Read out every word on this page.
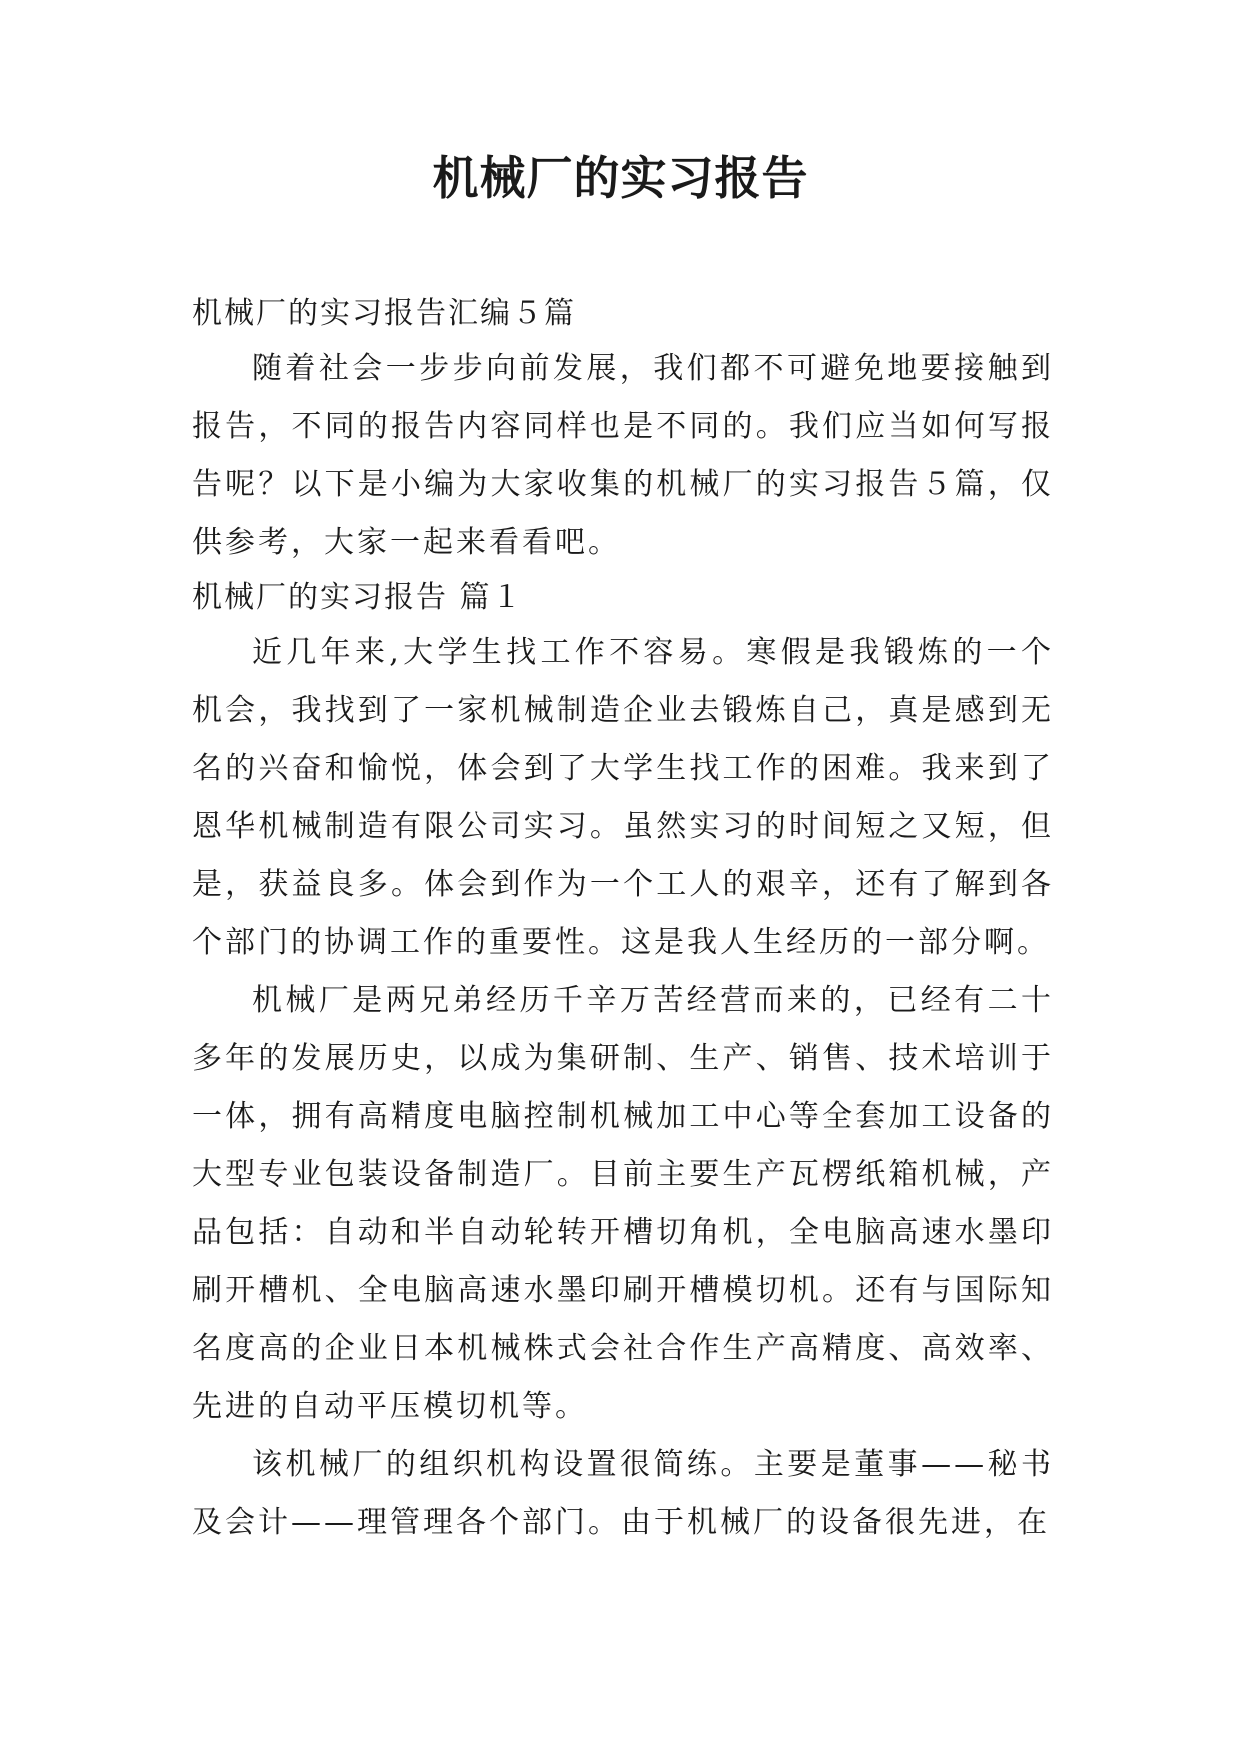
机械厂的实习报告

机械厂的实习报告汇编５篇

随着社会一步步向前发展，我们都不可避免地要接触到报告，不同的报告内容同样也是不同的。我们应当如何写报告呢？以下是小编为大家收集的机械厂的实习报告５篇，仅供参考，大家一起来看看吧。

机械厂的实习报告 篇１

近几年来,大学生找工作不容易。寒假是我锻炼的一个机会，我找到了一家机械制造企业去锻炼自己，真是感到无名的兴奋和愉悦，体会到了大学生找工作的困难。我来到了恩华机械制造有限公司实习。虽然实习的时间短之又短，但是，获益良多。体会到作为一个工人的艰辛，还有了解到各个部门的协调工作的重要性。这是我人生经历的一部分啊。

机械厂是两兄弟经历千辛万苦经营而来的，已经有二十多年的发展历史，以成为集研制、生产、销售、技术培训于一体，拥有高精度电脑控制机械加工中心等全套加工设备的大型专业包装设备制造厂。目前主要生产瓦楞纸箱机械，产品包括：自动和半自动轮转开槽切角机，全电脑高速水墨印刷开槽机、全电脑高速水墨印刷开槽模切机。还有与国际知名度高的企业日本机械株式会社合作生产高精度、高效率、先进的自动平压模切机等。

该机械厂的组织机构设置很简练。主要是董事——秘书及会计——理管理各个部门。由于机械厂的设备很先进，在
